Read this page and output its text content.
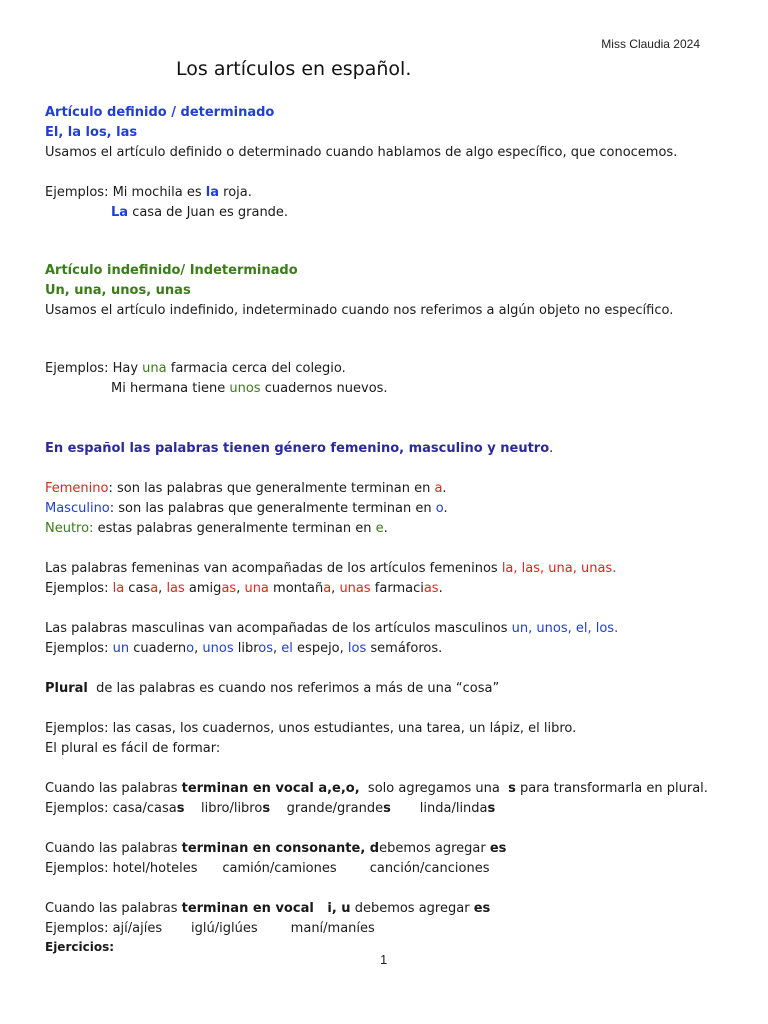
Miss Claudia 2024
Los artículos en español.
Artículo definido / determinado
El, la los, las
Usamos el artículo definido o determinado cuando hablamos de algo específico, que conocemos.
Ejemplos: Mi mochila es la roja.
La casa de Juan es grande.
Artículo indefinido/ Indeterminado
Un, una, unos, unas
Usamos el artículo indefinido, indeterminado cuando nos referimos a algún objeto no específico.
Ejemplos: Hay una farmacia cerca del colegio.
Mi hermana tiene unos cuadernos nuevos.
En español las palabras tienen género femenino, masculino y neutro.
Femenino: son las palabras que generalmente terminan en a.
Masculino: son las palabras que generalmente terminan en o.
Neutro: estas palabras generalmente terminan en e.
Las palabras femeninas van acompañadas de los artículos femeninos la, las, una, unas.
Ejemplos: la casa, las amigas, una montaña, unas farmacias.
Las palabras masculinas van acompañadas de los artículos masculinos un, unos, el, los.
Ejemplos: un cuaderno, unos libros, el espejo, los semáforos.
Plural  de las palabras es cuando nos referimos a más de una “cosa”
Ejemplos: las casas, los cuadernos, unos estudiantes, una tarea, un lápiz, el libro.
El plural es fácil de formar:
Cuando las palabras terminan en vocal a,e,o,  solo agregamos una  s para transformarla en plural.
Ejemplos: casa/casas    libro/libros    grande/grandes       linda/lindas
Cuando las palabras terminan en consonante, debemos agregar es
Ejemplos: hotel/hoteles      camión/camiones        canción/canciones
Cuando las palabras terminan en vocal   i, u debemos agregar es
Ejemplos: ají/ajíes       iglú/iglúes        maní/maníes
Ejercicios:
1
